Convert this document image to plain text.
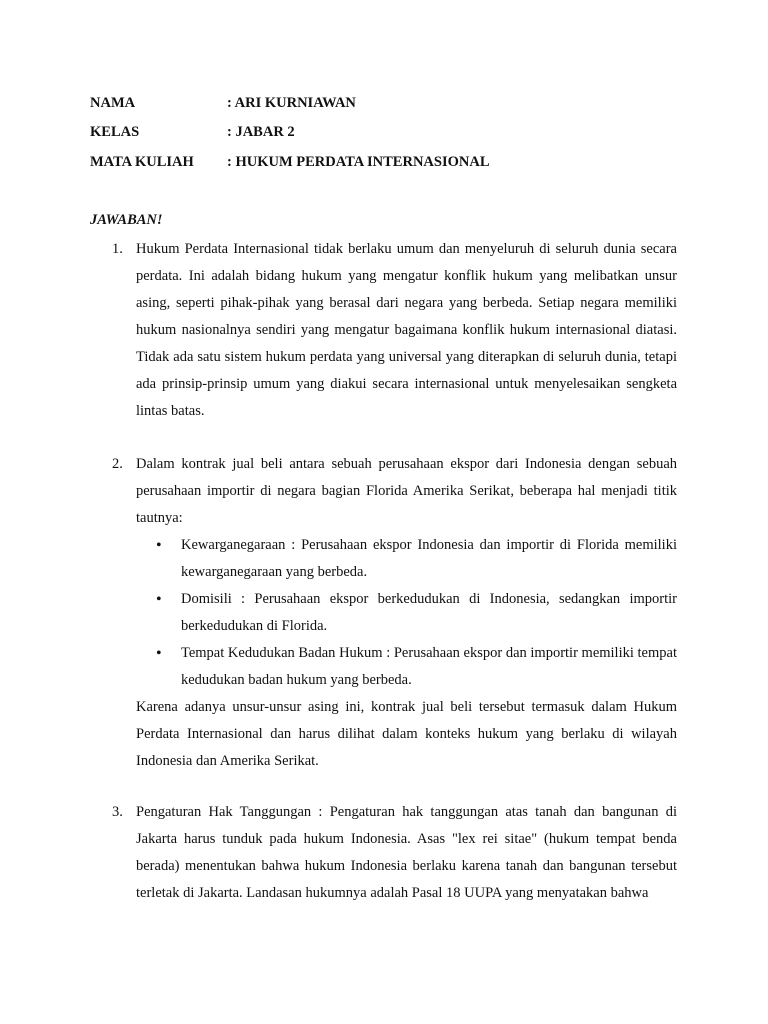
NAMA	: ARI KURNIAWAN
KELAS	: JABAR 2
MATA KULIAH : HUKUM PERDATA INTERNASIONAL
JAWABAN!
1. Hukum Perdata Internasional tidak berlaku umum dan menyeluruh di seluruh dunia secara perdata. Ini adalah bidang hukum yang mengatur konflik hukum yang melibatkan unsur asing, seperti pihak-pihak yang berasal dari negara yang berbeda. Setiap negara memiliki hukum nasionalnya sendiri yang mengatur bagaimana konflik hukum internasional diatasi. Tidak ada satu sistem hukum perdata yang universal yang diterapkan di seluruh dunia, tetapi ada prinsip-prinsip umum yang diakui secara internasional untuk menyelesaikan sengketa lintas batas.
2. Dalam kontrak jual beli antara sebuah perusahaan ekspor dari Indonesia dengan sebuah perusahaan importir di negara bagian Florida Amerika Serikat, beberapa hal menjadi titik tautnya:
• Kewarganegaraan : Perusahaan ekspor Indonesia dan importir di Florida memiliki kewarganegaraan yang berbeda.
• Domisili : Perusahaan ekspor berkedudukan di Indonesia, sedangkan importir berkedudukan di Florida.
• Tempat Kedudukan Badan Hukum : Perusahaan ekspor dan importir memiliki tempat kedudukan badan hukum yang berbeda.
Karena adanya unsur-unsur asing ini, kontrak jual beli tersebut termasuk dalam Hukum Perdata Internasional dan harus dilihat dalam konteks hukum yang berlaku di wilayah Indonesia dan Amerika Serikat.
3. Pengaturan Hak Tanggungan : Pengaturan hak tanggungan atas tanah dan bangunan di Jakarta harus tunduk pada hukum Indonesia. Asas "lex rei sitae" (hukum tempat benda berada) menentukan bahwa hukum Indonesia berlaku karena tanah dan bangunan tersebut terletak di Jakarta. Landasan hukumnya adalah Pasal 18 UUPA yang menyatakan bahwa
